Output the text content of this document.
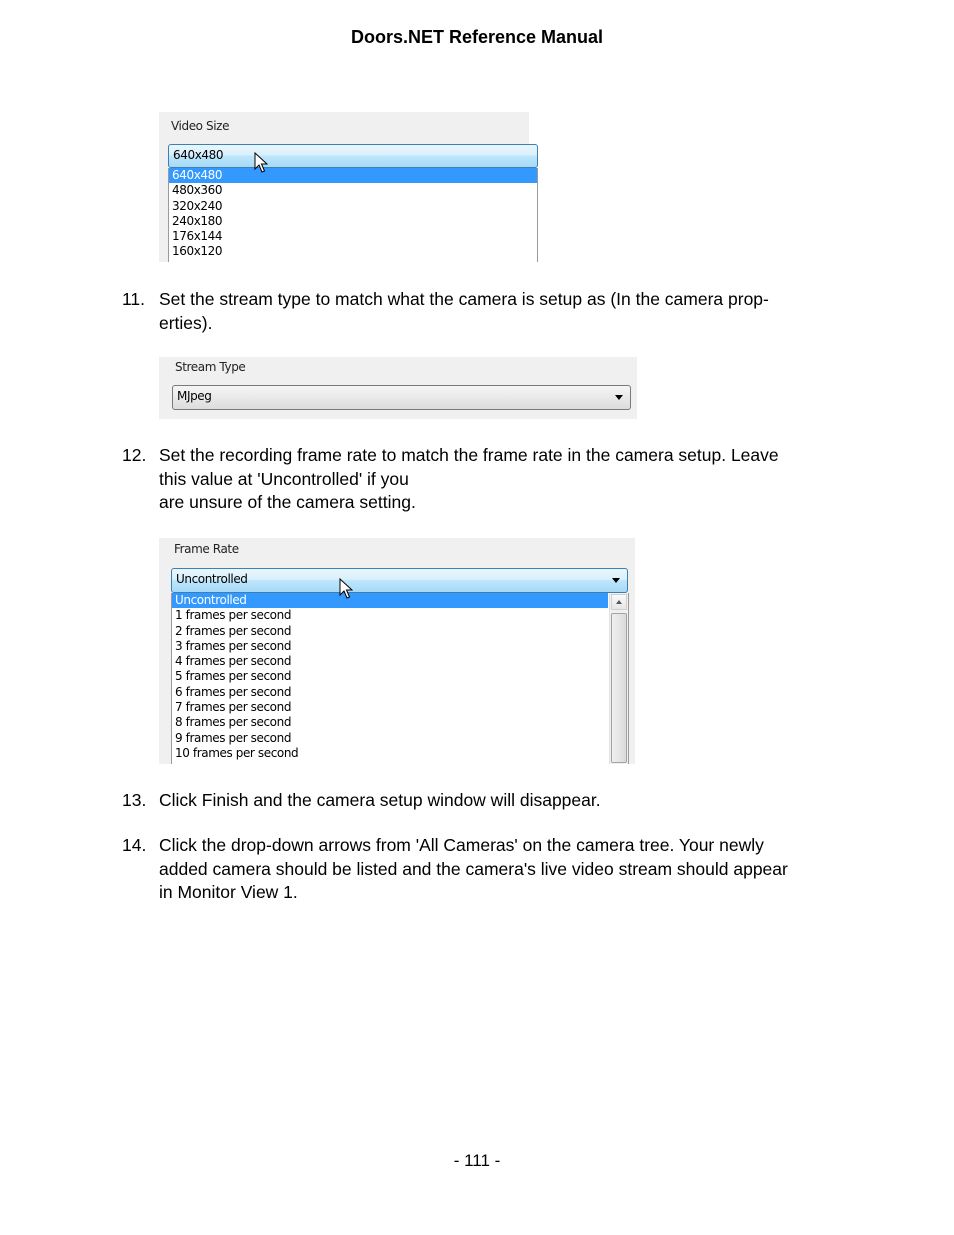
Doors.NET Reference Manual
Video Size
640x480
640x480
480x360
320x240
240x180
176x144
160x120
11. Set the stream type to match what the camera is setup as (In the camera prop-
erties).
Stream Type
MJpeg
12. Set the recording frame rate to match the frame rate in the camera setup. Leave
this value at 'Uncontrolled' if you
are unsure of the camera setting.
Frame Rate
Uncontrolled
Uncontrolled
1 frames per second
2 frames per second
3 frames per second
4 frames per second
5 frames per second
6 frames per second
7 frames per second
8 frames per second
9 frames per second
10 frames per second
13. Click Finish and the camera setup window will disappear.
14. Click the drop-down arrows from 'All Cameras' on the camera tree. Your newly
added camera should be listed and the camera's live video stream should appear
in Monitor View 1.
- 111 -
